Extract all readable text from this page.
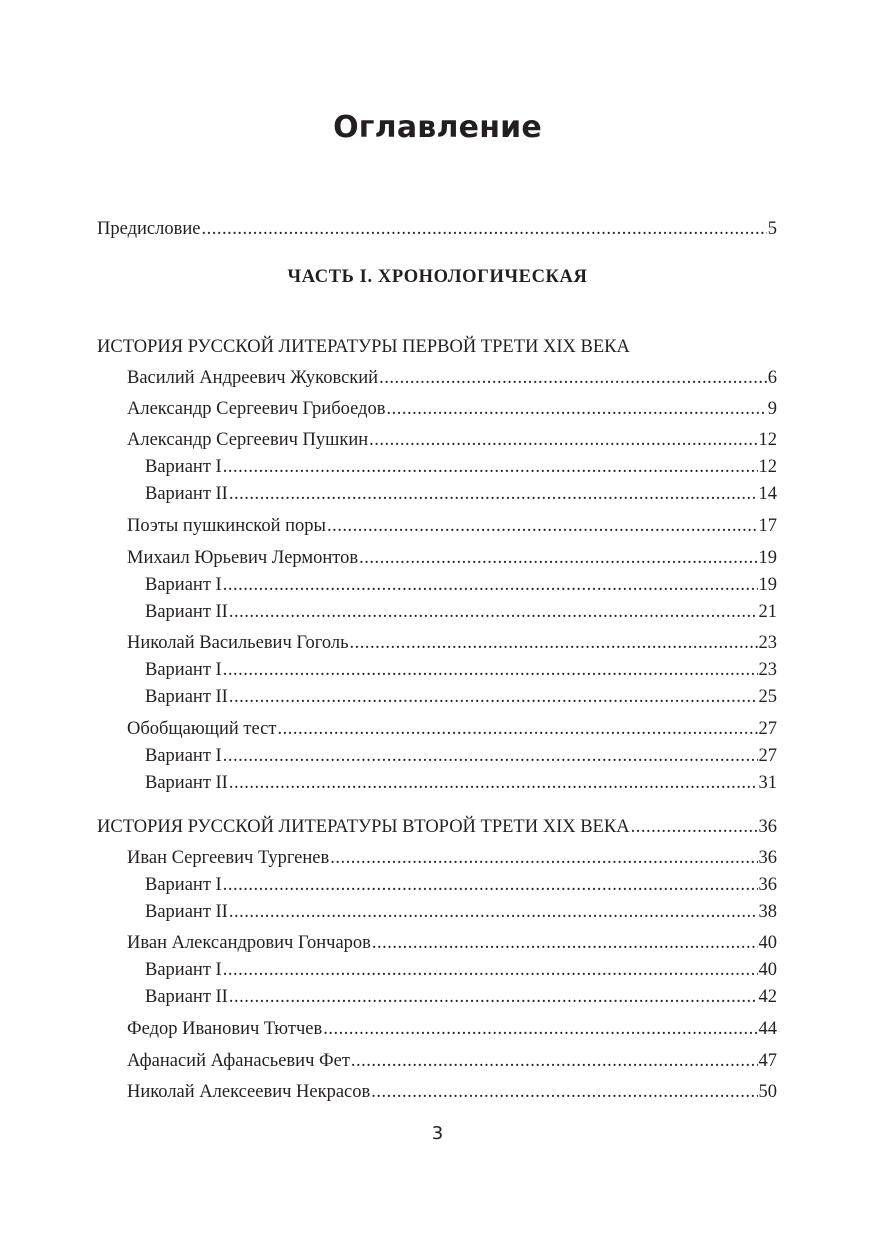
Оглавление
Предисловие .....	5
ЧАСТЬ I. ХРОНОЛОГИЧЕСКАЯ
ИСТОРИЯ РУССКОЙ ЛИТЕРАТУРЫ ПЕРВОЙ ТРЕТИ XIX ВЕКА
Василий Андреевич Жуковский .....	6
Александр Сергеевич Грибоедов .....	9
Александр Сергеевич Пушкин .....	12
Вариант I .....	12
Вариант II .....	14
Поэты пушкинской поры .....	17
Михаил Юрьевич Лермонтов .....	19
Вариант I .....	19
Вариант II .....	21
Николай Васильевич Гоголь .....	23
Вариант I .....	23
Вариант II .....	25
Обобщающий тест .....	27
Вариант I .....	27
Вариант II .....	31
ИСТОРИЯ РУССКОЙ ЛИТЕРАТУРЫ ВТОРОЙ ТРЕТИ XIX ВЕКА .....	36
Иван Сергеевич Тургенев .....	36
Вариант I .....	36
Вариант II .....	38
Иван Александрович Гончаров .....	40
Вариант I .....	40
Вариант II .....	42
Федор Иванович Тютчев .....	44
Афанасий Афанасьевич Фет .....	47
Николай Алексеевич Некрасов .....	50
3
